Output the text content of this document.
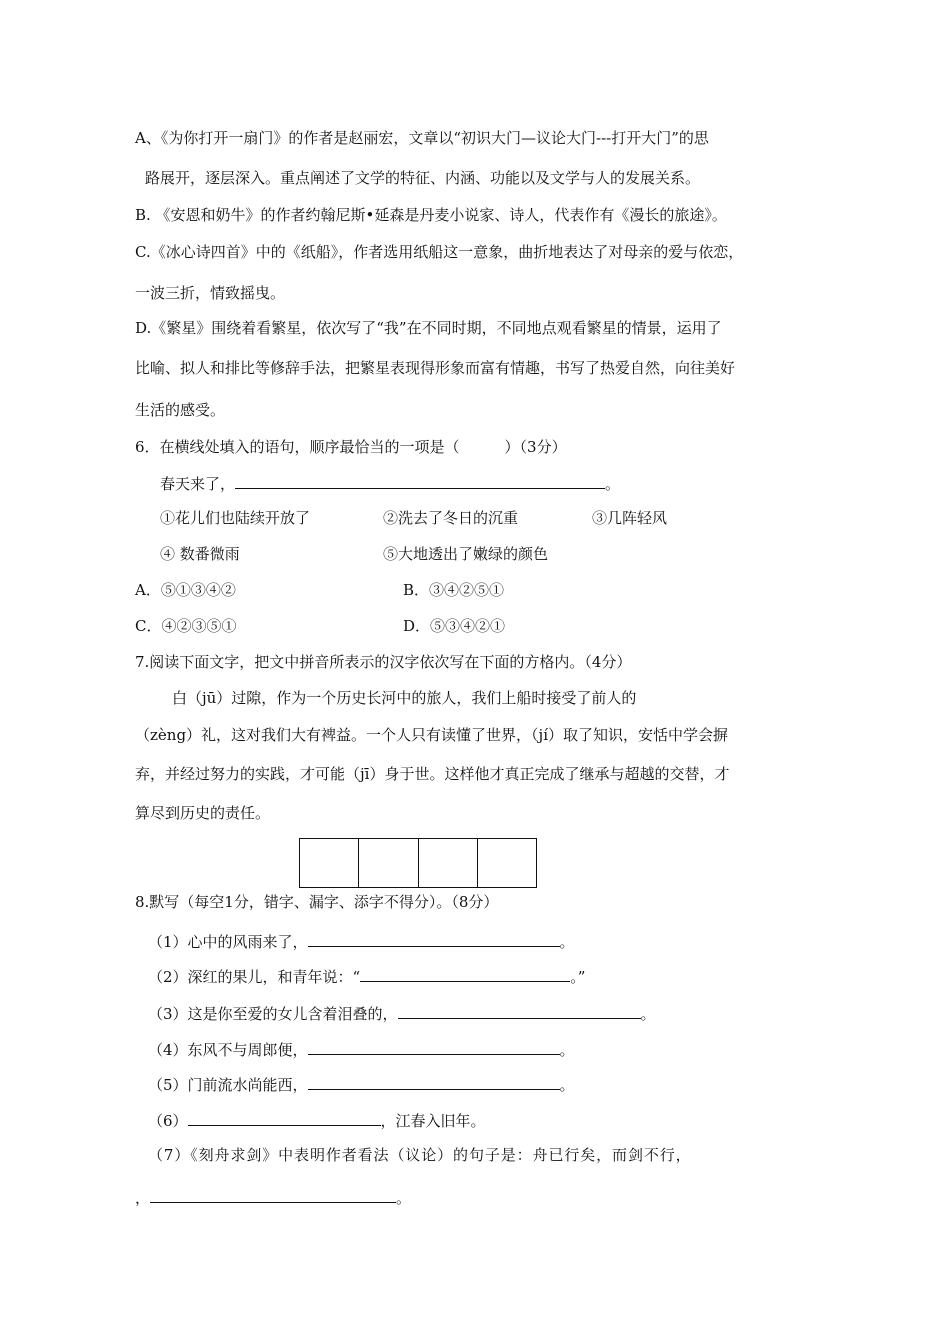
A、《为你打开一扇门》的作者是赵丽宏，文章以“初识大门—议论大门---打开大门”的思
路展开，逐层深入。重点阐述了文学的特征、内涵、功能以及文学与人的发展关系。
B. 《安恩和奶牛》的作者约翰尼斯•延森是丹麦小说家、诗人，代表作有《漫长的旅途》。
C.《冰心诗四首》中的《纸船》，作者选用纸船这一意象，曲折地表达了对母亲的爱与依恋，
一波三折，情致摇曳。
D.《繁星》围绕着看繁星，依次写了“我”在不同时期，不同地点观看繁星的情景，运用了
比喻、拟人和排比等修辞手法，把繁星表现得形象而富有情趣，书写了热爱自然，向往美好
生活的感受。
6．在横线处填入的语句，顺序最恰当的一项是（　　　）（3分）
春天来了，	。
①花儿们也陆续开放了	②洗去了冬日的沉重	③几阵轻风
④ 数番微雨	⑤大地透出了嫩绿的颜色
A．⑤①③④②	B．③④②⑤①
C．④②③⑤①	D．⑤③④②①
7.阅读下面文字，把文中拼音所表示的汉字依次写在下面的方格内。（4分）
白（jū）过隙，作为一个历史长河中的旅人，我们上船时接受了前人的
（zèng）礼，这对我们大有裨益。一个人只有读懂了世界，（jí）取了知识，安恬中学会摒
弃，并经过努力的实践，才可能（jī）身于世。这样他才真正完成了继承与超越的交替，才
算尽到历史的责任。
8.默写（每空1分，错字、漏字、添字不得分）。（8分）
（1）心中的风雨来了，	。
（2）深红的果儿，和青年说：“	。”
（3）这是你至爱的女儿含着泪叠的，	。
（4）东风不与周郎便，	。
（5）门前流水尚能西，	。
（6）	，江春入旧年。
（7）《刻舟求剑》中表明作者看法（议论）的句子是：舟已行矣，而剑不行，
，	。
